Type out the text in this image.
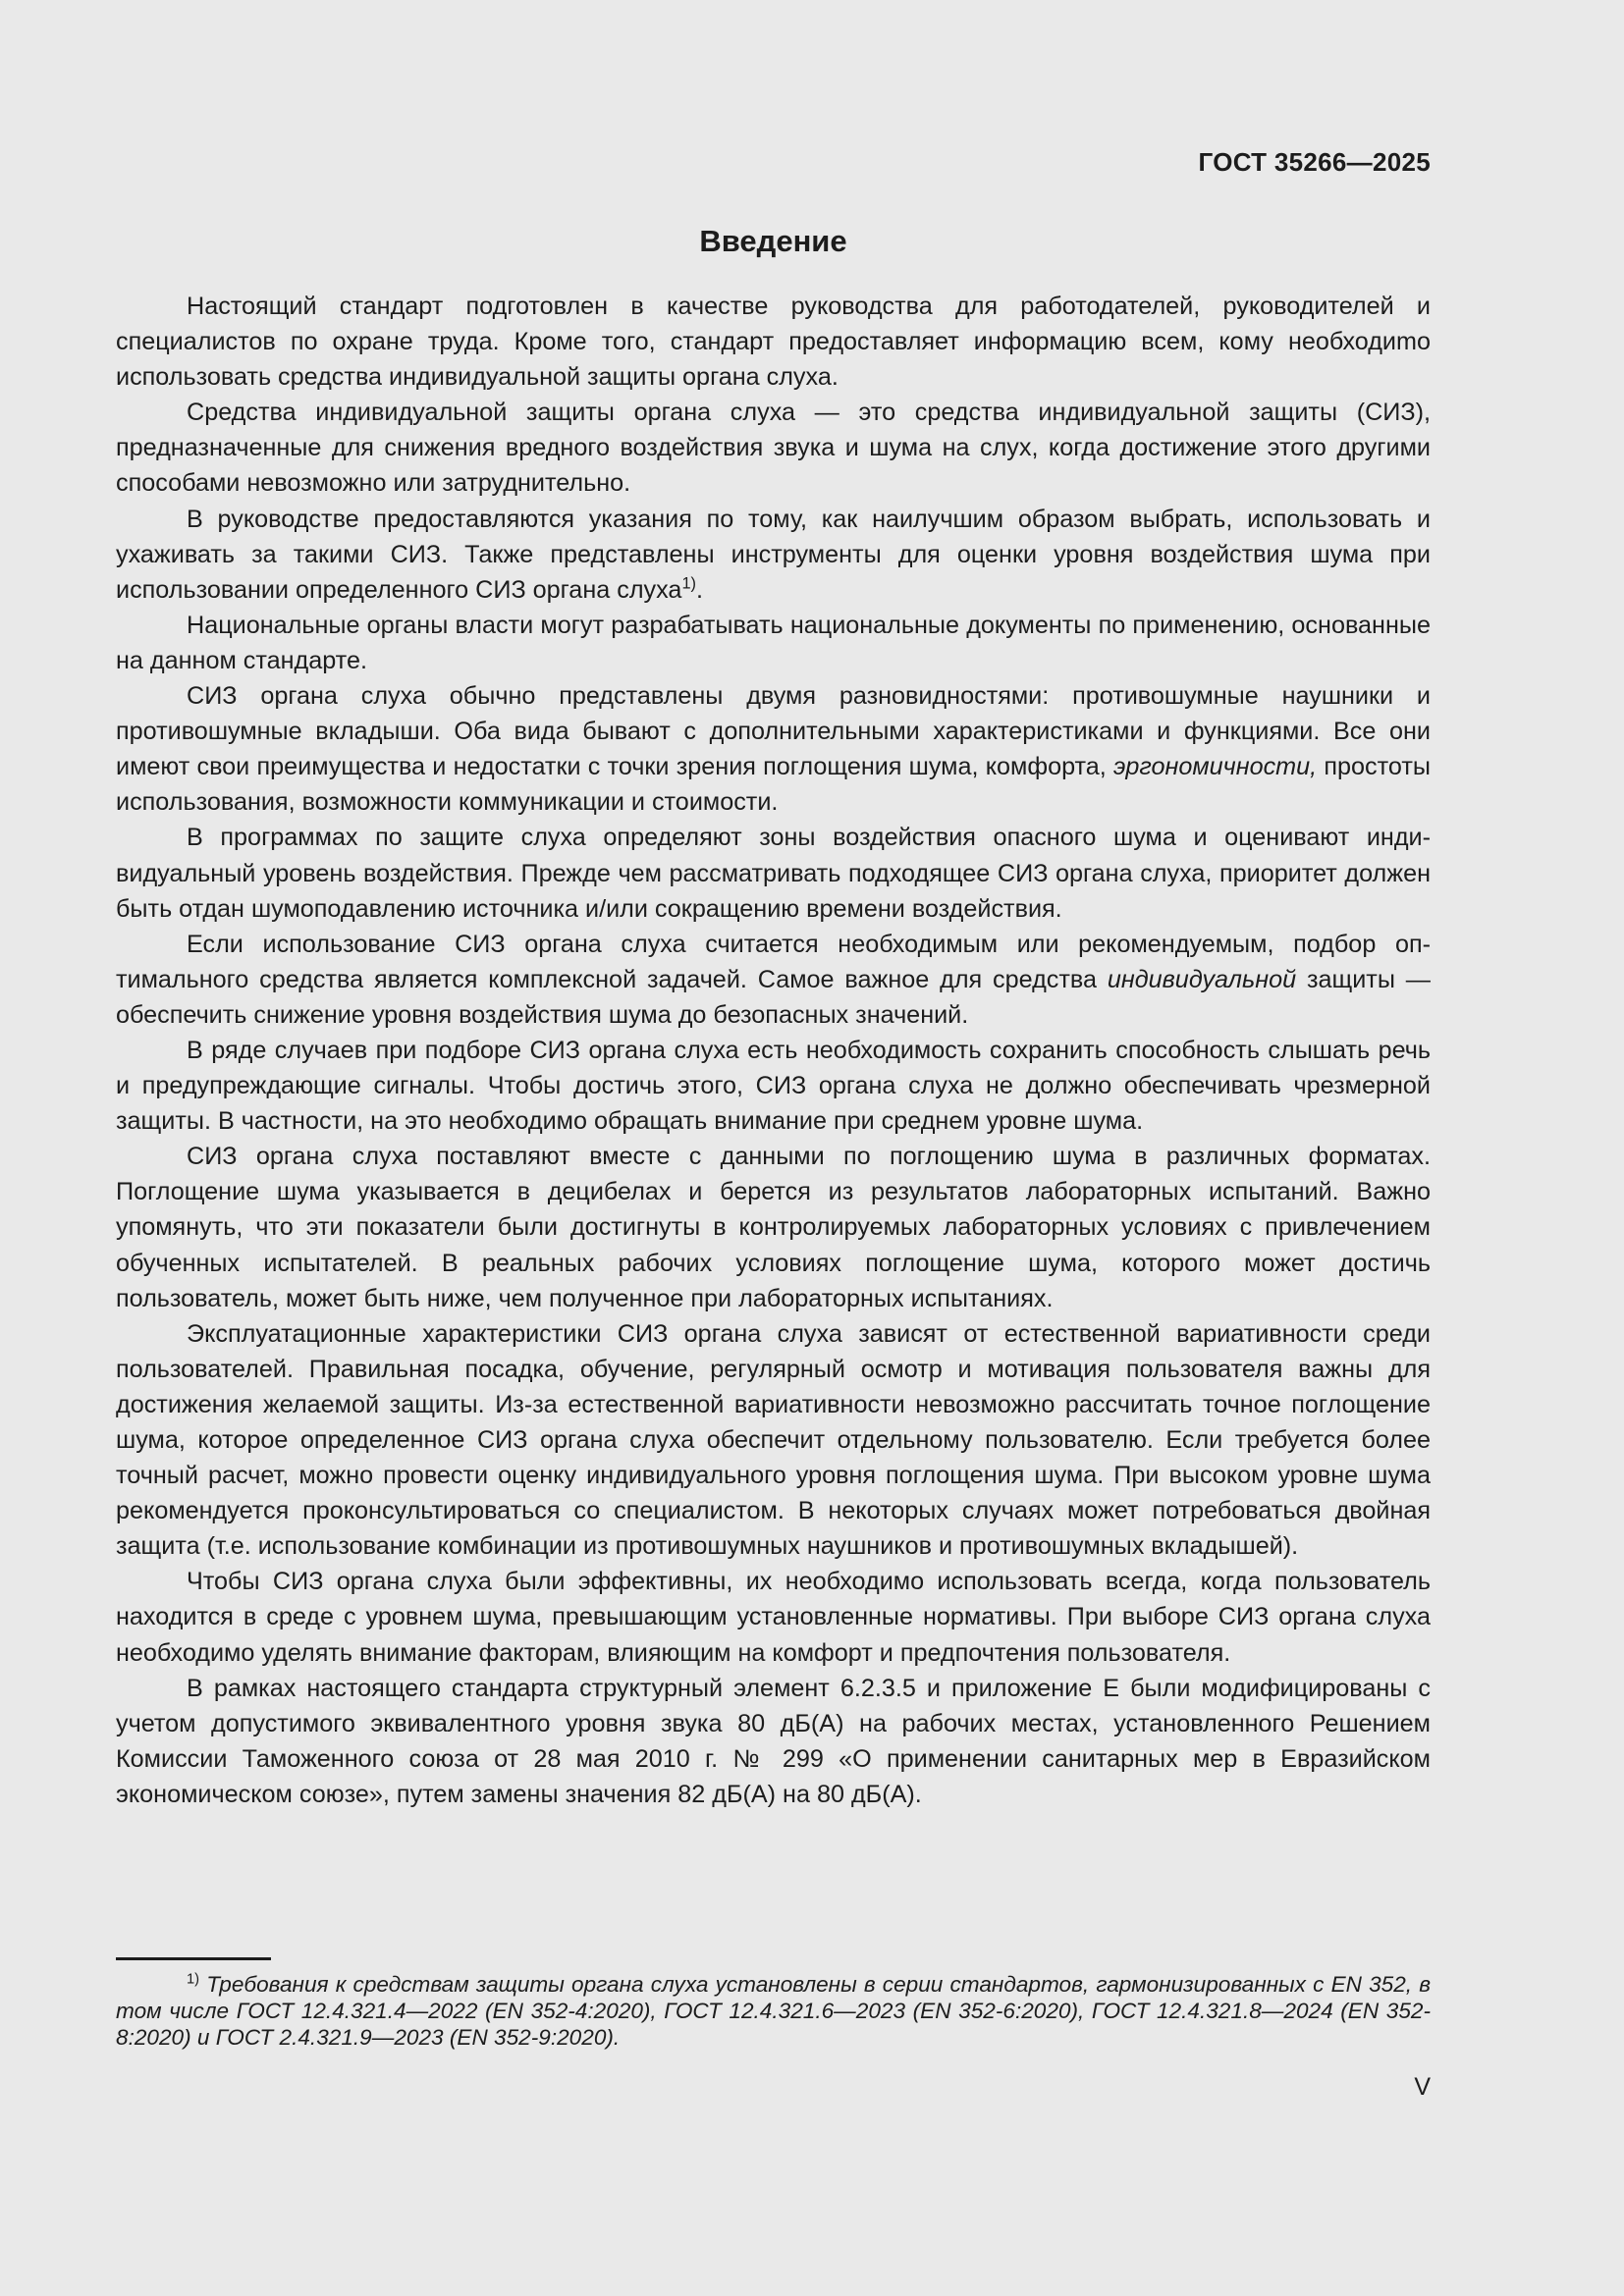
ГОСТ 35266—2025
Введение

Настоящий стандарт подготовлен в качестве руководства для работодателей, руководителей и специалистов по охране труда. Кроме того, стандарт предоставляет информацию всем, кому необходиmo использовать средства индивидуальной защиты органа слуха.

Средства индивидуальной защиты органа слуха — это средства индивидуальной защиты (СИЗ), предназначенные для снижения вредного воздействия звука и шума на слух, когда достижение этого другими способами невозможно или затруднительно.

В руководстве предоставляются указания по тому, как наилучшим образом выбрать, использовать и ухаживать за такими СИЗ. Также представлены инструменты для оценки уровня воздействия шума при использовании определенного СИЗ органа слуха$^{1)}$.

Национальные органы власти могут разрабатывать национальные документы по применению, основанные на данном стандарте.

СИЗ органа слуха обычно представлены двумя разновидностями: противошумные наушники и противошумные вкладыши. Оба вида бывают с дополнительными характеристиками и функциями. Все они имеют свои преимущества и недостатки с точки зрения поглощения шума, комфорта, эргономичности, простоты использования, возможности коммуникации и стоимости.

В программах по защите слуха определяют зоны воздействия опасного шума и оценивают индивидуальный уровень воздействия. Прежде чем рассматривать подходящее СИЗ органа слуха, приоритет должен быть отдан шумоподавлению источника и/или сокращению времени воздействия.

Если использование СИЗ органа слуха считается необходимым или рекомендуемым, подбор оптимального средства является комплексной задачей. Самое важное для средства индивидуальной защиты — обеспечить снижение уровня воздействия шума до безопасных значений.

В ряде случаев при подборе СИЗ органа слуха есть необходимость сохранить способность слышать речь и предупреждающие сигналы. Чтобы достичь этого, СИЗ органа слуха не должно обеспечивать чрезмерной защиты. В частности, на это необходимо обращать внимание при среднем уровне шума.

СИЗ органа слуха поставляют вместе с данными по поглощению шума в различных форматах. Поглощение шума указывается в децибелах и берется из результатов лабораторных испытаний. Важно упомянуть, что эти показатели были достигнуты в контролируемых лабораторных условиях с привлечением обученных испытателей. В реальных рабочих условиях поглощение шума, которого может достичь пользователь, может быть ниже, чем полученное при лабораторных испытаниях.

Эксплуатационные характеристики СИЗ органа слуха зависят от естественной вариативности среди пользователей. Правильная посадка, обучение, регулярный осмотр и мотивация пользователя важны для достижения желаемой защиты. Из-за естественной вариативности невозможно рассчитать точное поглощение шума, которое определенное СИЗ органа слуха обеспечит отдельному пользователю. Если требуется более точный расчет, можно провести оценку индивидуального уровня поглощения шума. При высоком уровне шума рекомендуется проконсультироваться со специалистом. В некоторых случаях может потребоваться двойная защита (т.е. использование комбинации из противошумных наушников и противошумных вкладышей).

Чтобы СИЗ органа слуха были эффективны, их необходимо использовать всегда, когда пользователь находится в среде с уровнем шума, превышающим установленные нормативы. При выборе СИЗ органа слуха необходимо уделять внимание факторам, влияющим на комфорт и предпочтения пользователя.

В рамках настоящего стандарта структурный элемент 6.2.3.5 и приложение Е были модифицированы с учетом допустимого эквивалентного уровня звука 80 дБ(А) на рабочих местах, установленного Решением Комиссии Таможенного союза от 28 мая 2010 г. № 299 «О применении санитарных мер в Евразийском экономическом союзе», путем замены значения 82 дБ(А) на 80 дБ(А).

$^{1)}$ Требования к средствам защиты органа слуха установлены в серии стандартов, гармонизированных с EN 352, в том числе ГОСТ 12.4.321.4—2022 (EN 352-4:2020), ГОСТ 12.4.321.6—2023 (EN 352-6:2020), ГОСТ 12.4.321.8—2024 (EN 352-8:2020) и ГОСТ 2.4.321.9—2023 (EN 352-9:2020).

V
